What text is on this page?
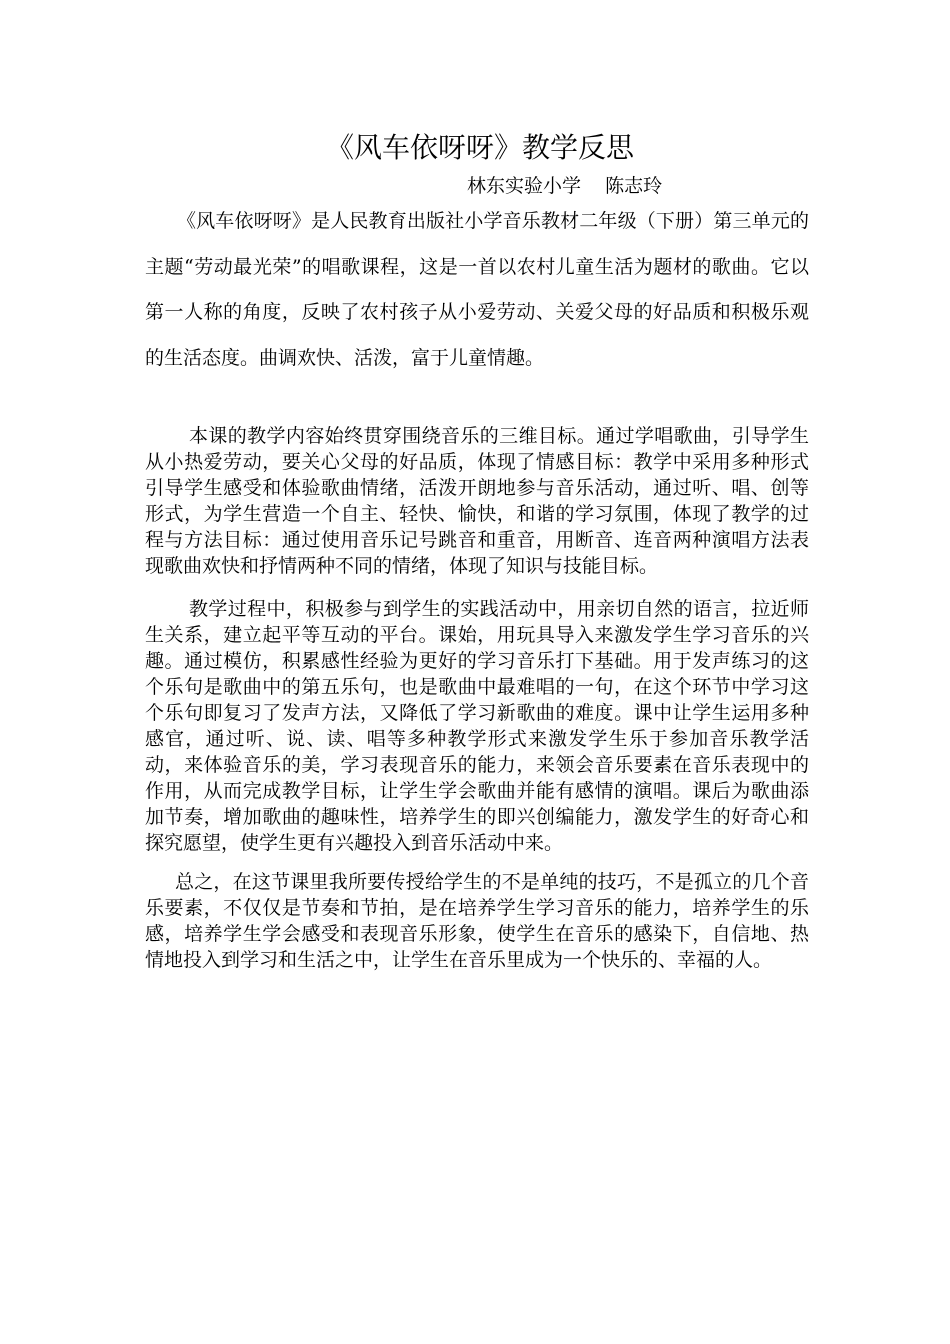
《风车依呀呀》教学反思
林东实验小学    陈志玲

《风车依呀呀》是人民教育出版社小学音乐教材二年级（下册）第三单元的主题“劳动最光荣”的唱歌课程，这是一首以农村儿童生活为题材的歌曲。它以第一人称的角度，反映了农村孩子从小爱劳动、关爱父母的好品质和积极乐观的生活态度。曲调欢快、活泼，富于儿童情趣。

本课的教学内容始终贯穿围绕音乐的三维目标。通过学唱歌曲，引导学生从小热爱劳动，要关心父母的好品质，体现了情感目标：教学中采用多种形式引导学生感受和体验歌曲情绪，活泼开朗地参与音乐活动，通过听、唱、创等形式，为学生营造一个自主、轻快、愉快，和谐的学习氛围，体现了教学的过程与方法目标：通过使用音乐记号跳音和重音，用断音、连音两种演唱方法表现歌曲欢快和抒情两种不同的情绪，体现了知识与技能目标。

教学过程中，积极参与到学生的实践活动中，用亲切自然的语言，拉近师生关系，建立起平等互动的平台。课始，用玩具导入来激发学生学习音乐的兴趣。通过模仿，积累感性经验为更好的学习音乐打下基础。用于发声练习的这个乐句是歌曲中的第五乐句，也是歌曲中最难唱的一句，在这个环节中学习这个乐句即复习了发声方法，又降低了学习新歌曲的难度。课中让学生运用多种感官，通过听、说、读、唱等多种教学形式来激发学生乐于参加音乐教学活动，来体验音乐的美，学习表现音乐的能力，来领会音乐要素在音乐表现中的作用，从而完成教学目标，让学生学会歌曲并能有感情的演唱。课后为歌曲添加节奏，增加歌曲的趣味性，培养学生的即兴创编能力，激发学生的好奇心和探究愿望，使学生更有兴趣投入到音乐活动中来。

总之，在这节课里我所要传授给学生的不是单纯的技巧，不是孤立的几个音乐要素，不仅仅是节奏和节拍，是在培养学生学习音乐的能力，培养学生的乐感，培养学生学会感受和表现音乐形象，使学生在音乐的感染下，自信地、热情地投入到学习和生活之中，让学生在音乐里成为一个快乐的、幸福的人。
